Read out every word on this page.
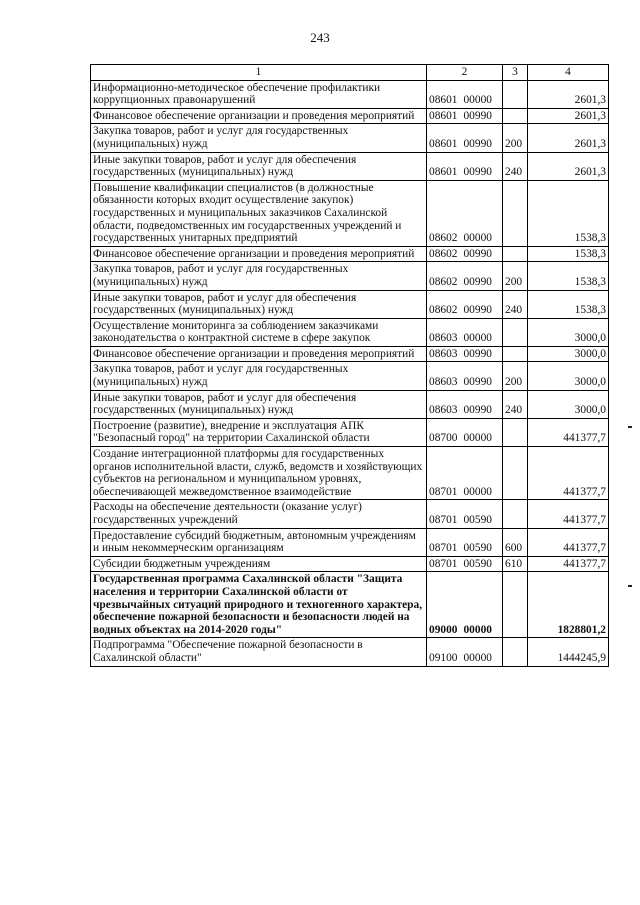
243
1	2	3	4
Информационно-методическое обеспечение профилактики коррупционных правонарушений	08601 00000		2601,3
Финансовое обеспечение организации и проведения мероприятий	08601 00990		2601,3
Закупка товаров, работ и услуг для государственных (муниципальных) нужд	08601 00990	200	2601,3
Иные закупки товаров, работ и услуг для обеспечения государственных (муниципальных) нужд	08601 00990	240	2601,3
Повышение квалификации специалистов (в должностные обязанности которых входит осуществление закупок) государственных и муниципальных заказчиков Сахалинской области, подведомственных им государственных учреждений и государственных унитарных предприятий	08602 00000		1538,3
Финансовое обеспечение организации и проведения мероприятий	08602 00990		1538,3
Закупка товаров, работ и услуг для государственных (муниципальных) нужд	08602 00990	200	1538,3
Иные закупки товаров, работ и услуг для обеспечения государственных (муниципальных) нужд	08602 00990	240	1538,3
Осуществление мониторинга за соблюдением заказчиками законодательства о контрактной системе в сфере закупок	08603 00000		3000,0
Финансовое обеспечение организации и проведения мероприятий	08603 00990		3000,0
Закупка товаров, работ и услуг для государственных (муниципальных) нужд	08603 00990	200	3000,0
Иные закупки товаров, работ и услуг для обеспечения государственных (муниципальных) нужд	08603 00990	240	3000,0
Построение (развитие), внедрение и эксплуатация АПК "Безопасный город" на территории Сахалинской области	08700 00000		441377,7
Создание интеграционной платформы для государственных органов исполнительной власти, служб, ведомств и хозяйствующих субъектов на региональном и муниципальном уровнях, обеспечивающей межведомственное взаимодействие	08701 00000		441377,7
Расходы на обеспечение деятельности (оказание услуг) государственных учреждений	08701 00590		441377,7
Предоставление субсидий бюджетным, автономным учреждениям и иным некоммерческим организациям	08701 00590	600	441377,7
Субсидии бюджетным учреждениям	08701 00590	610	441377,7
Государственная программа Сахалинской области "Защита населения и территории Сахалинской области от чрезвычайных ситуаций природного и техногенного характера, обеспечение пожарной безопасности и безопасности людей на водных объектах на 2014-2020 годы"	09000 00000		1828801,2
Подпрограмма "Обеспечение пожарной безопасности в Сахалинской области"	09100 00000		1444245,9
